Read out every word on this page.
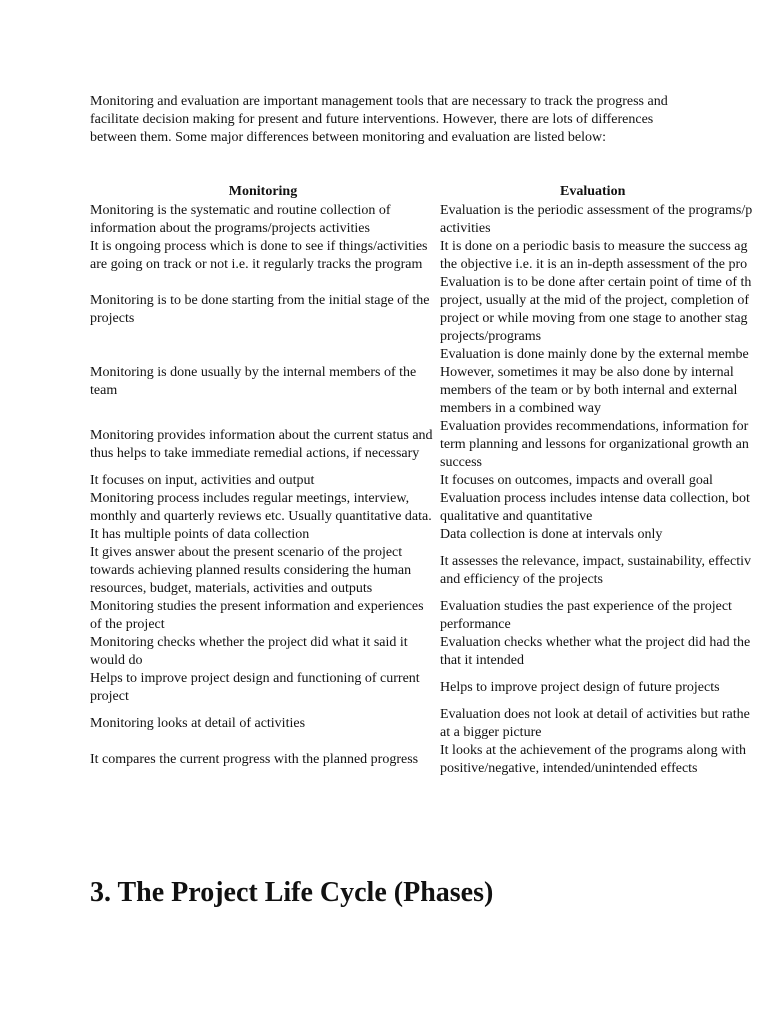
Monitoring and evaluation are important management tools that are necessary to track the progress and facilitate decision making for present and future interventions. However, there are lots of differences between them. Some major differences between monitoring and evaluation are listed below:

Monitoring	Evaluation
Monitoring is the systematic and routine collection of information about the programs/projects activities	Evaluation is the periodic assessment of the programs/p
activities

It is ongoing process which is done to see if things/activities are going on track or not i.e. it regularly tracks the program	It is done on a periodic basis to measure the success ag
the objective i.e. it is an in-depth assessment of the pro

Monitoring is to be done starting from the initial stage of the projects	Evaluation is to be done after certain point of time of th
project, usually at the mid of the project, completion of
project or while moving from one stage to another stag
projects/programs

Monitoring is done usually by the internal members of the team	Evaluation is done mainly done by the external membe
However, sometimes it may be also done by internal
members of the team or by both internal and external
members in a combined way

Monitoring provides information about the current status and thus helps to take immediate remedial actions, if necessary	Evaluation provides recommendations, information for
term planning and lessons for organizational growth an
success

It focuses on input, activities and output	It focuses on outcomes, impacts and overall goal

Monitoring process includes regular meetings, interview, monthly and quarterly reviews etc. Usually quantitative data.	Evaluation process includes intense data collection, bot
qualitative and quantitative

It has multiple points of data collection	Data collection is done at intervals only

It gives answer about the present scenario of the project towards achieving planned results considering the human resources, budget, materials, activities and outputs	It assesses the relevance, impact, sustainability, effectiv
and efficiency of the projects

Monitoring studies the present information and experiences of the project	Evaluation studies the past experience of the project
performance

Monitoring checks whether the project did what it said it would do	Evaluation checks whether what the project did had the
that it intended

Helps to improve project design and functioning of current project	Helps to improve project design of future projects

Monitoring looks at detail of activities	Evaluation does not look at detail of activities but rathe
at a bigger picture

It compares the current progress with the planned progress	It looks at the achievement of the programs along with
positive/negative, intended/unintended effects
3. The Project Life Cycle (Phases)
